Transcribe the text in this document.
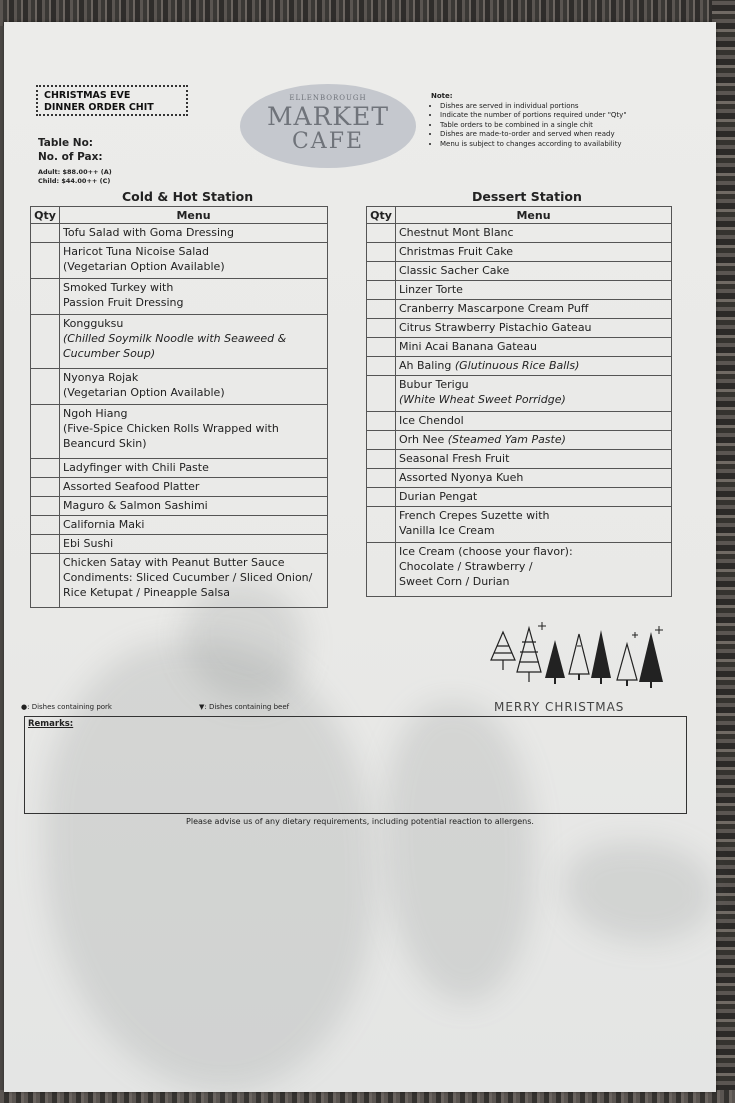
CHRISTMAS EVE
DINNER ORDER CHIT
Table No:
No. of Pax:
Adult: $88.00++ (A)
Child: $44.00++ (C)
ELLENBOROUGH
MARKET
CAFE
Note:
• Dishes are served in individual portions
• Indicate the number of portions required under "Qty"
• Table orders to be combined in a single chit
• Dishes are made-to-order and served when ready
• Menu is subject to changes according to availability
Cold & Hot Station
Qty	Menu
	Tofu Salad with Goma Dressing
	Haricot Tuna Nicoise Salad
(Vegetarian Option Available)
	Smoked Turkey with
Passion Fruit Dressing
	Kongguksu
(Chilled Soymilk Noodle with Seaweed &
Cucumber Soup)
	Nyonya Rojak
(Vegetarian Option Available)
	Ngoh Hiang
(Five-Spice Chicken Rolls Wrapped with
Beancurd Skin)
	Ladyfinger with Chili Paste
	Assorted Seafood Platter
	Maguro & Salmon Sashimi
	California Maki
	Ebi Sushi
	Chicken Satay with Peanut Butter Sauce
Condiments: Sliced Cucumber / Sliced Onion/
Rice Ketupat / Pineapple Salsa
Dessert Station
Qty	Menu
	Chestnut Mont Blanc
	Christmas Fruit Cake
	Classic Sacher Cake
	Linzer Torte
	Cranberry Mascarpone Cream Puff
	Citrus Strawberry Pistachio Gateau
	Mini Acai Banana Gateau
	Ah Baling (Glutinuous Rice Balls)
	Bubur Terigu
(White Wheat Sweet Porridge)
	Ice Chendol
	Orh Nee (Steamed Yam Paste)
	Seasonal Fresh Fruit
	Assorted Nyonya Kueh
	Durian Pengat
	French Crepes Suzette with
Vanilla Ice Cream
	Ice Cream (choose your flavor):
Chocolate / Strawberry /
Sweet Corn / Durian
MERRY CHRISTMAS
●: Dishes containing pork	▼: Dishes containing beef
Remarks:
Please advise us of any dietary requirements, including potential reaction to allergens.
